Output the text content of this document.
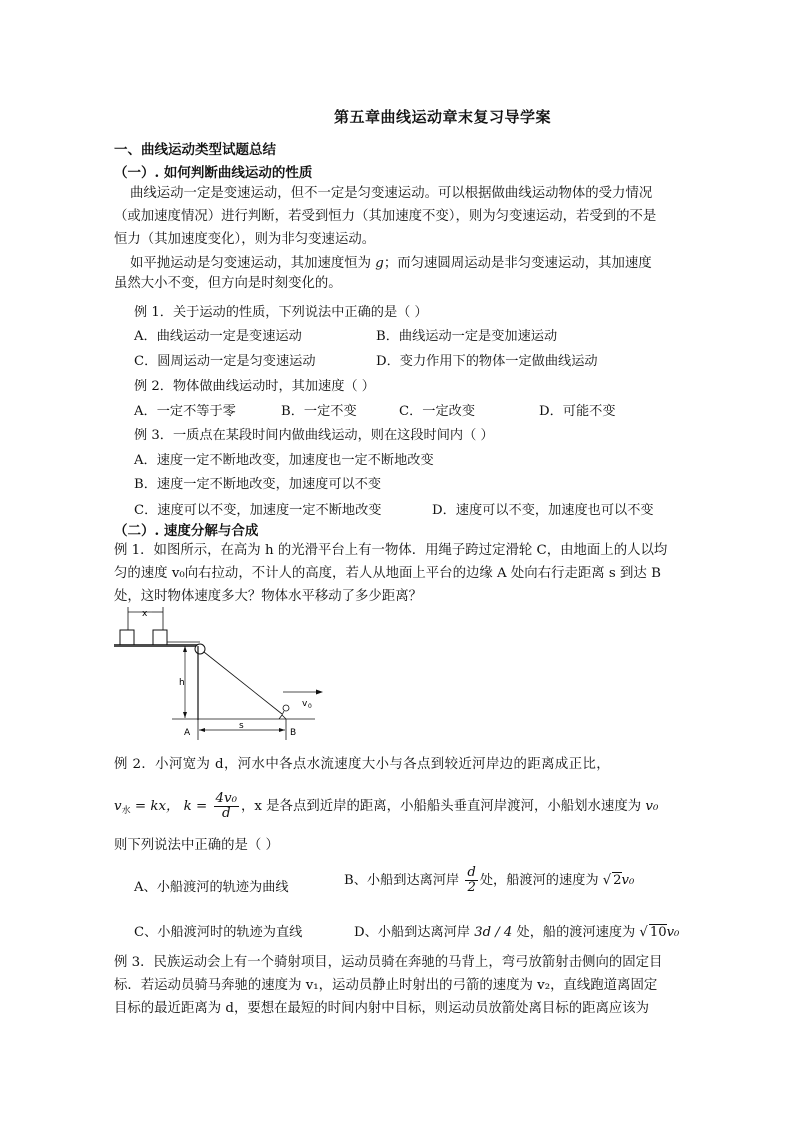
第五章曲线运动章末复习导学案
一、曲线运动类型试题总结
（一）. 如何判断曲线运动的性质
曲线运动一定是变速运动，但不一定是匀变速运动。可以根据做曲线运动物体的受力情况
（或加速度情况）进行判断，若受到恒力（其加速度不变），则为匀变速运动，若受到的不是
恒力（其加速度变化），则为非匀变速运动。
如平抛运动是匀变速运动，其加速度恒为 g；而匀速圆周运动是非匀变速运动，其加速度
虽然大小不变，但方向是时刻变化的。
例 1．关于运动的性质，下列说法中正确的是（ ）
A．曲线运动一定是变速运动	B．曲线运动一定是变加速运动
C．圆周运动一定是匀变速运动	D．变力作用下的物体一定做曲线运动
例 2．物体做曲线运动时，其加速度（ ）
A．一定不等于零	B．一定不变	C．一定改变	D．可能不变
例 3．一质点在某段时间内做曲线运动，则在这段时间内（ ）
A．速度一定不断地改变，加速度也一定不断地改变
B．速度一定不断地改变，加速度可以不变
C．速度可以不变，加速度一定不断地改变	D．速度可以不变，加速度也可以不变
（二）. 速度分解与合成
例 1．如图所示，在高为 h 的光滑平台上有一物体．用绳子跨过定滑轮 C，由地面上的人以均
匀的速度 v₀向右拉动，不计人的高度，若人从地面上平台的边缘 A 处向右行走距离 s 到达 B
处，这时物体速度多大？物体水平移动了多少距离？
x
h
v 0
A
s
B
例 2．小河宽为 d，河水中各点水流速度大小与各点到较近河岸边的距离成正比，
$v_水$ = kx， $k = \frac{\text{4v₀}}{d}$ ，x 是各点到近岸的距离，小船船头垂直河岸渡河，小船划水速度为 v₀
则下列说法中正确的是（ ）
A、小船渡河的轨迹为曲线	B、小船到达离河岸 $\frac{d}{2}$ 处，船渡河的速度为 √ 2v₀
C、小船渡河时的轨迹为直线	D、小船到达离河岸 3d / 4 处，船的渡河速度为 √ 10v₀
例 3．民族运动会上有一个骑射项目，运动员骑在奔驰的马背上，弯弓放箭射击侧向的固定目
标．若运动员骑马奔驰的速度为 v₁，运动员静止时射出的弓箭的速度为 v₂，直线跑道离固定
目标的最近距离为 d，要想在最短的时间内射中目标，则运动员放箭处离目标的距离应该为
